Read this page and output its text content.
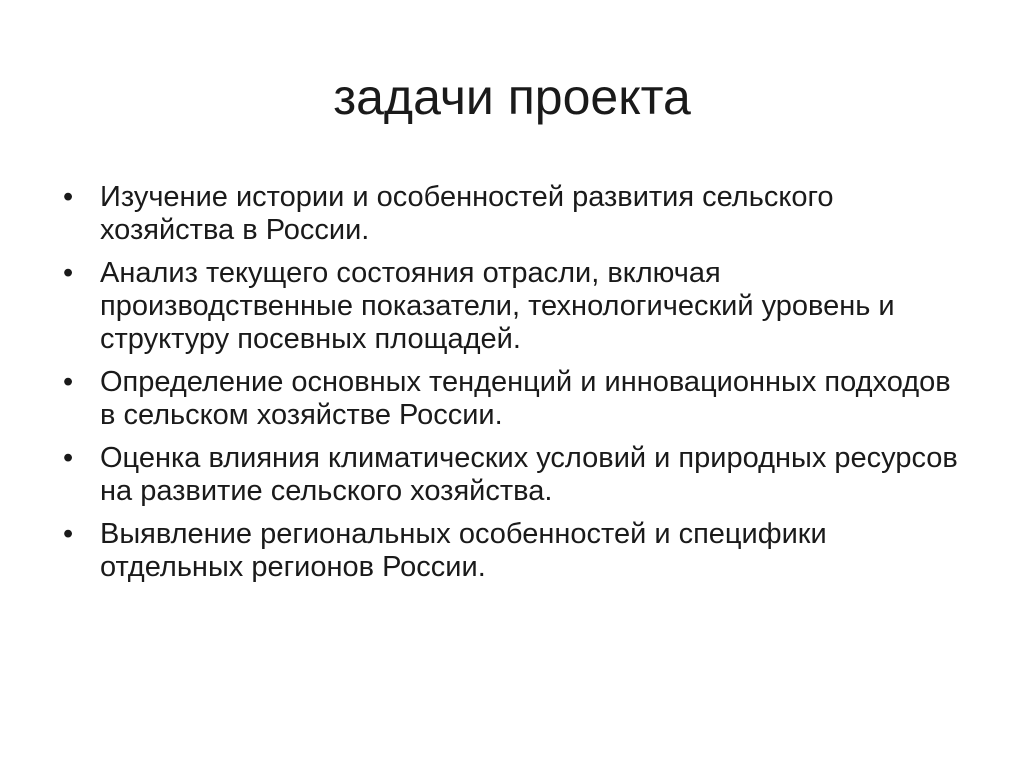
задачи проекта
• Изучение истории и особенностей развития сельского хозяйства в России.
• Анализ текущего состояния отрасли, включая производственные показатели, технологический уровень и структуру посевных площадей.
• Определение основных тенденций и инновационных подходов в сельском хозяйстве России.
• Оценка влияния климатических условий и природных ресурсов на развитие сельского хозяйства.
• Выявление региональных особенностей и специфики отдельных регионов России.
